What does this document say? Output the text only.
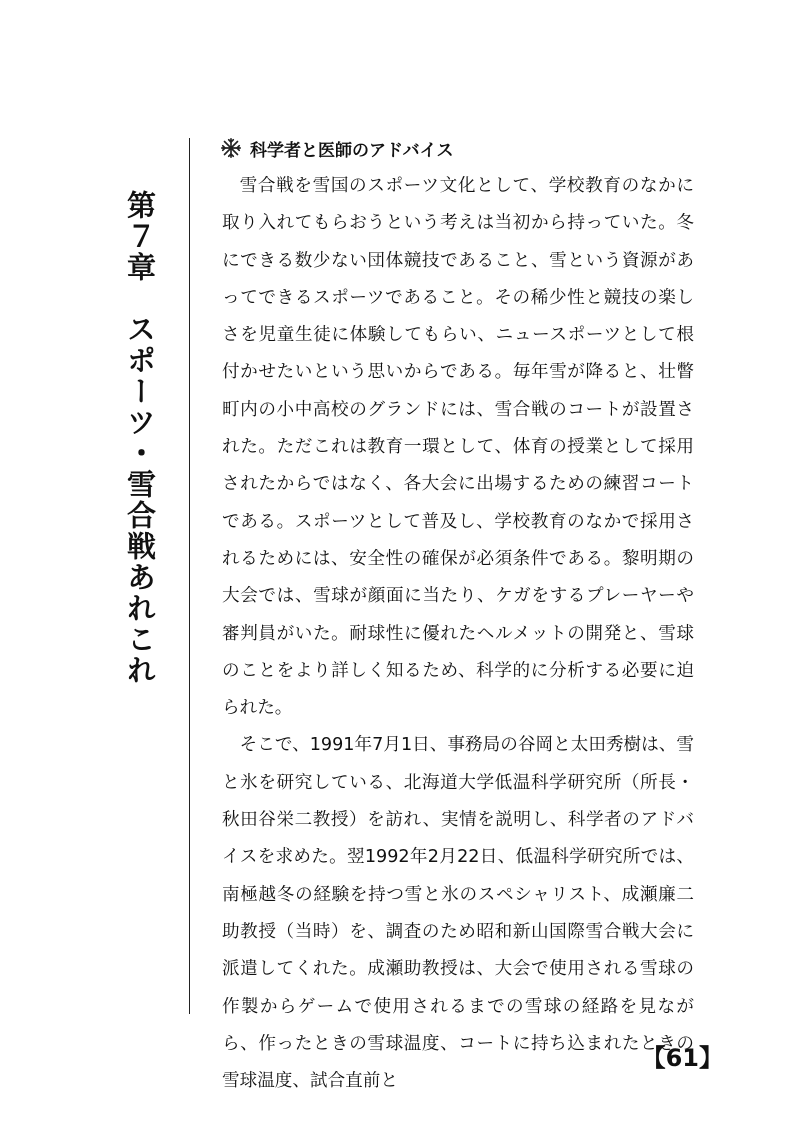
第７章　スポーツ・雪合戦あれこれ
科学者と医師のアドバイス

雪合戦を雪国のスポーツ文化として、学校教育のなかに取り入れてもらおうという考えは当初から持っていた。冬にできる数少ない団体競技であること、雪という資源があってできるスポーツであること。その稀少性と競技の楽しさを児童生徒に体験してもらい、ニュースポーツとして根付かせたいという思いからである。毎年雪が降ると、壮瞥町内の小中高校のグランドには、雪合戦のコートが設置された。ただこれは教育一環として、体育の授業として採用されたからではなく、各大会に出場するための練習コートである。スポーツとして普及し、学校教育のなかで採用されるためには、安全性の確保が必須条件である。黎明期の大会では、雪球が顔面に当たり、ケガをするプレーヤーや審判員がいた。耐球性に優れたヘルメットの開発と、雪球のことをより詳しく知るため、科学的に分析する必要に迫られた。

そこで、1991年7月1日、事務局の谷岡と太田秀樹は、雪と氷を研究している、北海道大学低温科学研究所（所長・秋田谷栄二教授）を訪れ、実情を説明し、科学者のアドバイスを求めた。翌1992年2月22日、低温科学研究所では、南極越冬の経験を持つ雪と氷のスペシャリスト、成瀬廉二助教授（当時）を、調査のため昭和新山国際雪合戦大会に派遣してくれた。成瀬助教授は、大会で使用される雪球の作製からゲームで使用されるまでの雪球の経路を見ながら、作ったときの雪球温度、コートに持ち込まれたときの雪球温度、試合直前と

【61】
